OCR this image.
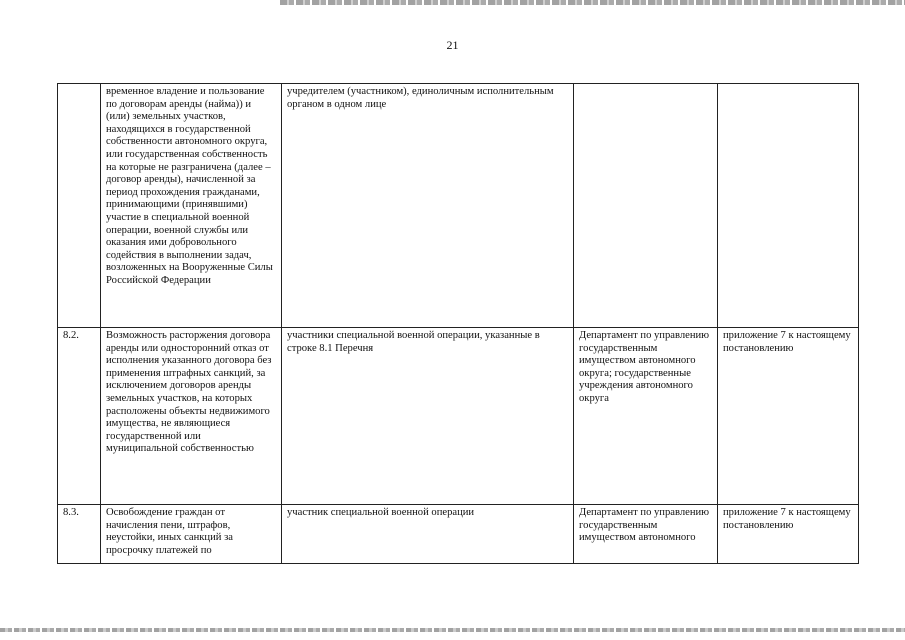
21

	временное владение и пользование по договорам аренды (найма)) и (или) земельных участков, находящихся в государственной собственности автономного округа, или государственная собственность на которые не разграничена (далее – договор аренды), начисленной за период прохождения гражданами, принимающими (принявшими) участие в специальной военной операции, военной службы или оказания ими добровольного содействия в выполнении задач, возложенных на Вооруженные Силы Российской Федерации	учредителем (участником), единоличным исполнительным органом в одном лице		

8.2.	Возможность расторжения договора аренды или односторонний отказ от исполнения указанного договора без применения штрафных санкций, за исключением договоров аренды земельных участков, на которых расположены объекты недвижимого имущества, не являющиеся государственной или муниципальной собственностью	участники специальной военной операции, указанные в строке 8.1 Перечня	Департамент по управлению государственным имуществом автономного округа; государственные учреждения автономного округа	приложение 7 к настоящему постановлению

8.3.	Освобождение граждан от начисления пени, штрафов, неустойки, иных санкций за просрочку платежей по	участник специальной военной операции	Департамент по управлению государственным имуществом автономного	приложение 7 к настоящему постановлению
